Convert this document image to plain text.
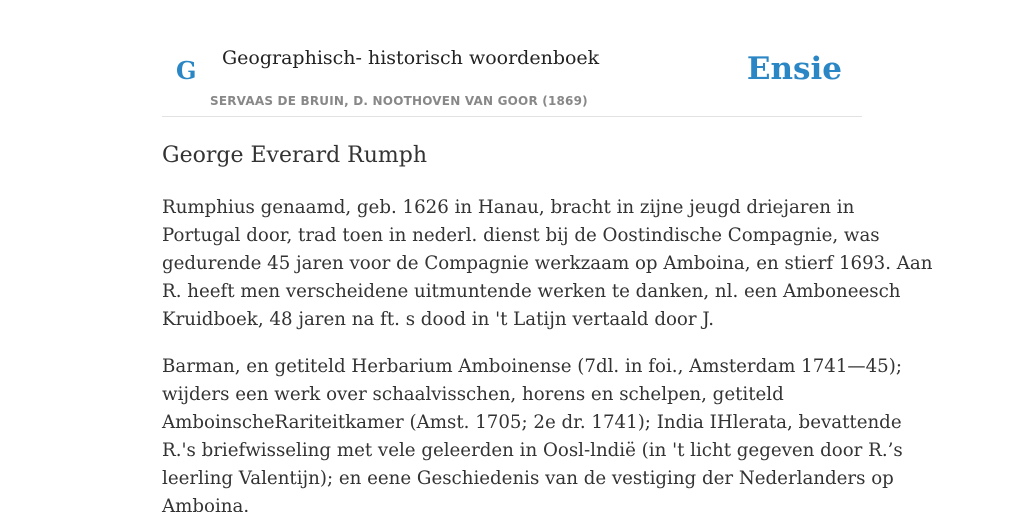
G Geographisch- historisch woordenboek
SERVAAS DE BRUIN, D. NOOTHOVEN VAN GOOR (1869)
Ensie
George Everard Rumph

Rumphius genaamd, geb. 1626 in Hanau, bracht in zijne jeugd driejaren in
Portugal door, trad toen in nederl. dienst bij de Oostindische Compagnie, was
gedurende 45 jaren voor de Compagnie werkzaam op Amboina, en stierf 1693. Aan
R. heeft men verscheidene uitmuntende werken te danken, nl. een Amboneesch
Kruidboek, 48 jaren na ft. s dood in 't Latijn vertaald door J.

Barman, en getiteld Herbarium Amboinense (7dl. in foi., Amsterdam 1741—45);
wijders een werk over schaalvisschen, horens en schelpen, getiteld
AmboinscheRariteitkamer (Amst. 1705; 2e dr. 1741); India IHlerata, bevattende
R.'s briefwisseling met vele geleerden in Oosl-lndië (in 't licht gegeven door R.’s
leerling Valentijn); en eene Geschiedenis van de vestiging der Nederlanders op
Amboina.
